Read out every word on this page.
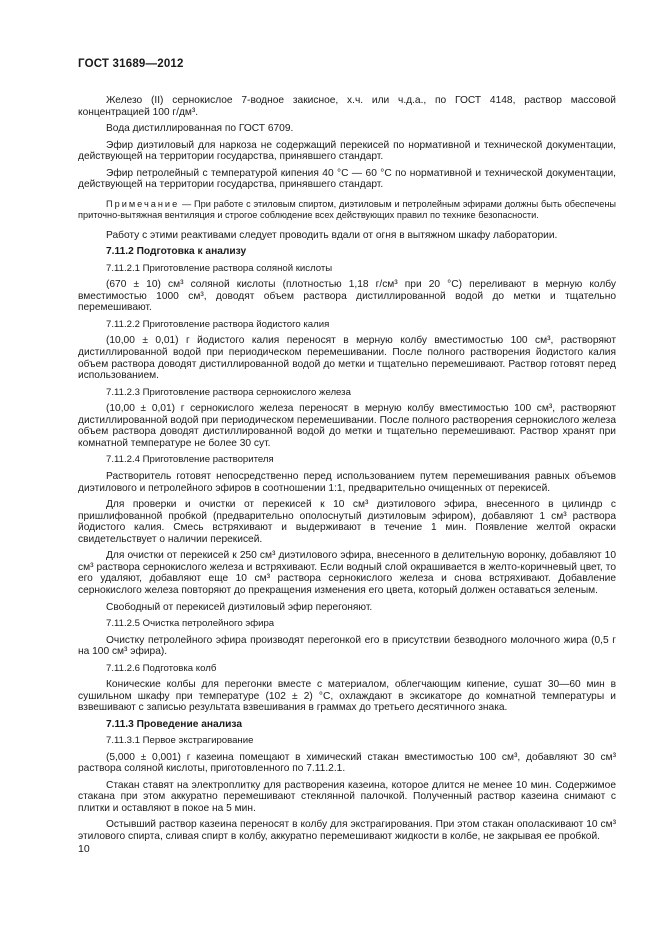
ГОСТ 31689—2012

Железо (II) сернокислое 7-водное закисное, х.ч. или ч.д.а., по ГОСТ 4148, раствор массовой концентрацией 100 г/дм³.

Вода дистиллированная по ГОСТ 6709.

Эфир диэтиловый для наркоза не содержащий перекисей по нормативной и технической документации, действующей на территории государства, принявшего стандарт.

Эфир петролейный с температурой кипения 40 °С — 60 °С по нормативной и технической документации, действующей на территории государства, принявшего стандарт.

Примечание — При работе с этиловым спиртом, диэтиловым и петролейным эфирами должны быть обеспечены приточно-вытяжная вентиляция и строгое соблюдение всех действующих правил по технике безопасности.

Работу с этими реактивами следует проводить вдали от огня в вытяжном шкафу лаборатории.

7.11.2 Подготовка к анализу

7.11.2.1 Приготовление раствора соляной кислоты

(670 ± 10) см³ соляной кислоты (плотностью 1,18 г/см³ при 20 °С) переливают в мерную колбу вместимостью 1000 см³, доводят объем раствора дистиллированной водой до метки и тщательно перемешивают.

7.11.2.2 Приготовление раствора йодистого калия

(10,00 ± 0,01) г йодистого калия переносят в мерную колбу вместимостью 100 см³, растворяют дистиллированной водой при периодическом перемешивании. После полного растворения йодистого калия объем раствора доводят дистиллированной водой до метки и тщательно перемешивают. Раствор готовят перед использованием.

7.11.2.3 Приготовление раствора сернокислого железа

(10,00 ± 0,01) г сернокислого железа переносят в мерную колбу вместимостью 100 см³, растворяют дистиллированной водой при периодическом перемешивании. После полного растворения сернокислого железа объем раствора доводят дистиллированной водой до метки и тщательно перемешивают. Раствор хранят при комнатной температуре не более 30 сут.

7.11.2.4 Приготовление растворителя

Растворитель готовят непосредственно перед использованием путем перемешивания равных объемов диэтилового и петролейного эфиров в соотношении 1:1, предварительно очищенных от перекисей.

Для проверки и очистки от перекисей к 10 см³ диэтилового эфира, внесенного в цилиндр с пришлифованной пробкой (предварительно ополоснутый диэтиловым эфиром), добавляют 1 см³ раствора йодистого калия. Смесь встряхивают и выдерживают в течение 1 мин. Появление желтой окраски свидетельствует о наличии перекисей.

Для очистки от перекисей к 250 см³ диэтилового эфира, внесенного в делительную воронку, добавляют 10 см³ раствора сернокислого железа и встряхивают. Если водный слой окрашивается в желто-коричневый цвет, то его удаляют, добавляют еще 10 см³ раствора сернокислого железа и снова встряхивают. Добавление сернокислого железа повторяют до прекращения изменения его цвета, который должен оставаться зеленым.

Свободный от перекисей диэтиловый эфир перегоняют.

7.11.2.5 Очистка петролейного эфира

Очистку петролейного эфира производят перегонкой его в присутствии безводного молочного жира (0,5 г на 100 см³ эфира).

7.11.2.6 Подготовка колб

Конические колбы для перегонки вместе с материалом, облегчающим кипение, сушат 30—60 мин в сушильном шкафу при температуре (102 ± 2) °С, охлаждают в эксикаторе до комнатной температуры и взвешивают с записью результата взвешивания в граммах до третьего десятичного знака.

7.11.3 Проведение анализа

7.11.3.1 Первое экстрагирование

(5,000 ± 0,001) г казеина помещают в химический стакан вместимостью 100 см³, добавляют 30 см³ раствора соляной кислоты, приготовленного по 7.11.2.1.

Стакан ставят на электроплитку для растворения казеина, которое длится не менее 10 мин. Содержимое стакана при этом аккуратно перемешивают стеклянной палочкой. Полученный раствор казеина снимают с плитки и оставляют в покое на 5 мин.

Остывший раствор казеина переносят в колбу для экстрагирования. При этом стакан ополаскивают 10 см³ этилового спирта, сливая спирт в колбу, аккуратно перемешивают жидкости в колбе, не закрывая ее пробкой.

10
